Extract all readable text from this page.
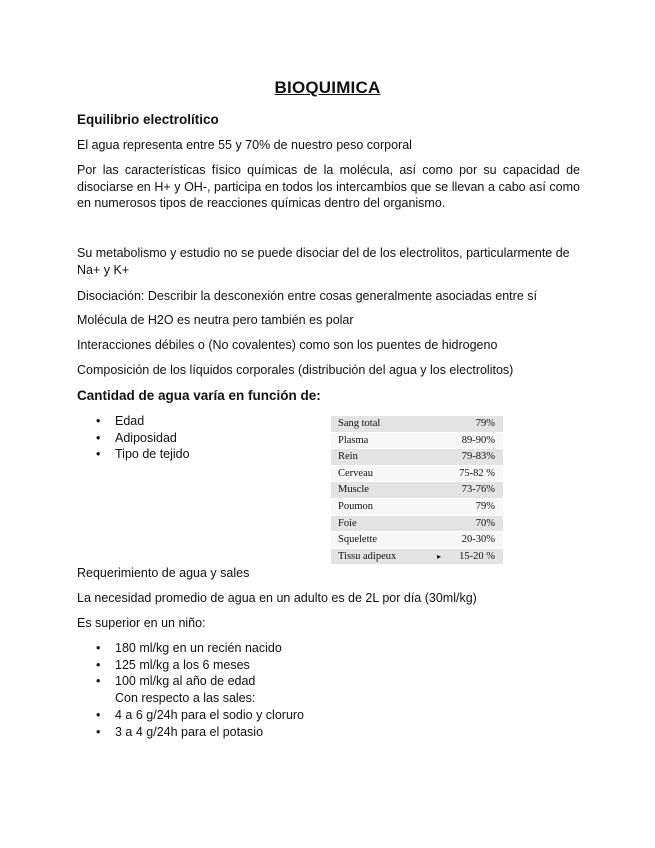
BIOQUIMICA
Equilibrio electrolítico
El agua representa entre 55 y 70% de nuestro peso corporal
Por las características físico químicas de la molécula, así como por su capacidad de disociarse en H+ y OH-, participa en todos los intercambios que se llevan a cabo así como en numerosos tipos de reacciones químicas dentro del organismo.
Su metabolismo y estudio no se puede disociar del de los electrolitos, particularmente de Na+ y K+
Disociación: Describir la desconexión entre cosas generalmente asociadas entre sí
Molécula de H2O es neutra pero también es polar
Interacciones débiles o (No covalentes) como son los puentes de hidrogeno
Composición de los líquidos corporales (distribución del agua y los electrolitos)
Cantidad de agua varía en función de:
• Edad
• Adiposidad
• Tipo de tejido
Sang total	79%
Plasma	89-90%
Rein	79-83%
Cerveau	75-82 %
Muscle	73-76%
Poumon	79%
Foie	70%
Squelette	20-30%
Tissu adipeux	▸ 15-20 %
Requerimiento de agua y sales
La necesidad promedio de agua en un adulto es de 2L por día (30ml/kg)
Es superior en un niño:
• 180 ml/kg en un recién nacido
• 125 ml/kg a los 6 meses
• 100 ml/kg al año de edad
Con respecto a las sales:
• 4 a 6 g/24h para el sodio y cloruro
• 3 a 4 g/24h para el potasio
